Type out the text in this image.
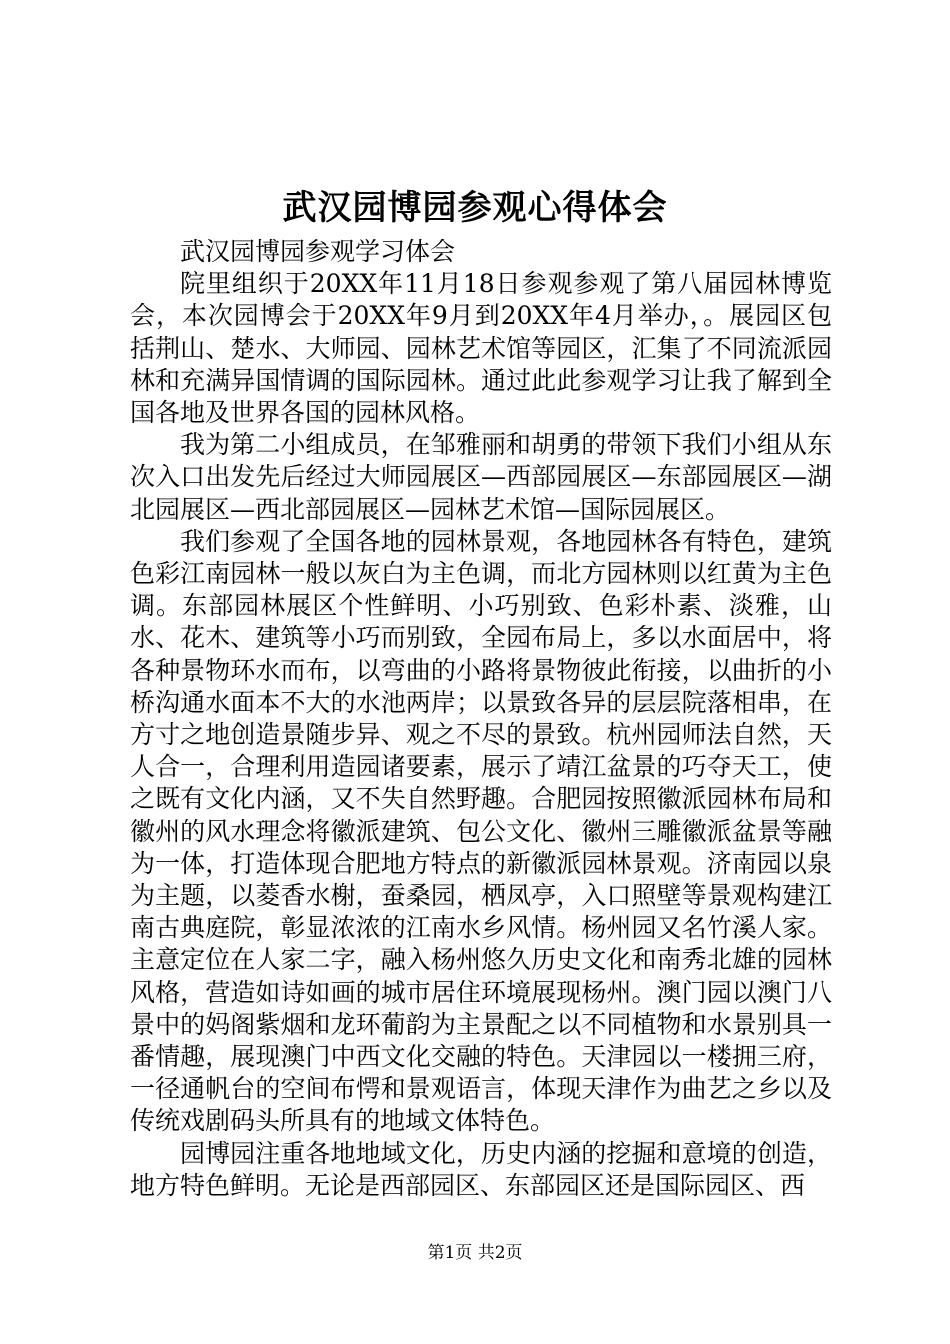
武汉园博园参观心得体会

武汉园博园参观学习体会

院里组织于20XX年11月18日参观参观了第八届园林博览会，本次园博会于20XX年9月到20XX年4月举办，。展园区包括荆山、楚水、大师园、园林艺术馆等园区，汇集了不同流派园林和充满异国情调的国际园林。通过此此参观学习让我了解到全国各地及世界各国的园林风格。

我为第二小组成员，在邹雅丽和胡勇的带领下我们小组从东次入口出发先后经过大师园展区—西部园展区—东部园展区—湖北园展区—西北部园展区—园林艺术馆—国际园展区。

我们参观了全国各地的园林景观，各地园林各有特色，建筑色彩江南园林一般以灰白为主色调，而北方园林则以红黄为主色调。东部园林展区个性鲜明、小巧别致、色彩朴素、淡雅，山水、花木、建筑等小巧而别致，全园布局上，多以水面居中，将各种景物环水而布，以弯曲的小路将景物彼此衔接，以曲折的小桥沟通水面本不大的水池两岸；以景致各异的层层院落相串，在方寸之地创造景随步异、观之不尽的景致。杭州园师法自然，天人合一，合理利用造园诸要素，展示了靖江盆景的巧夺天工，使之既有文化内涵，又不失自然野趣。合肥园按照徽派园林布局和徽州的风水理念将徽派建筑、包公文化、徽州三雕徽派盆景等融为一体，打造体现合肥地方特点的新徽派园林景观。济南园以泉为主题，以菱香水榭，蚕桑园，栖凤亭，入口照壁等景观构建江南古典庭院，彰显浓浓的江南水乡风情。杨州园又名竹溪人家。主意定位在人家二字，融入杨州悠久历史文化和南秀北雄的园林风格，营造如诗如画的城市居住环境展现杨州。澳门园以澳门八景中的妈阁紫烟和龙环葡韵为主景配之以不同植物和水景别具一番情趣，展现澳门中西文化交融的特色。天津园以一楼拥三府，一径通帆台的空间布愕和景观语言，体现天津作为曲艺之乡以及传统戏剧码头所具有的地域文体特色。

园博园注重各地地域文化，历史内涵的挖掘和意境的创造，地方特色鲜明。无论是西部园区、东部园区还是国际园区、西

第1页 共2页
